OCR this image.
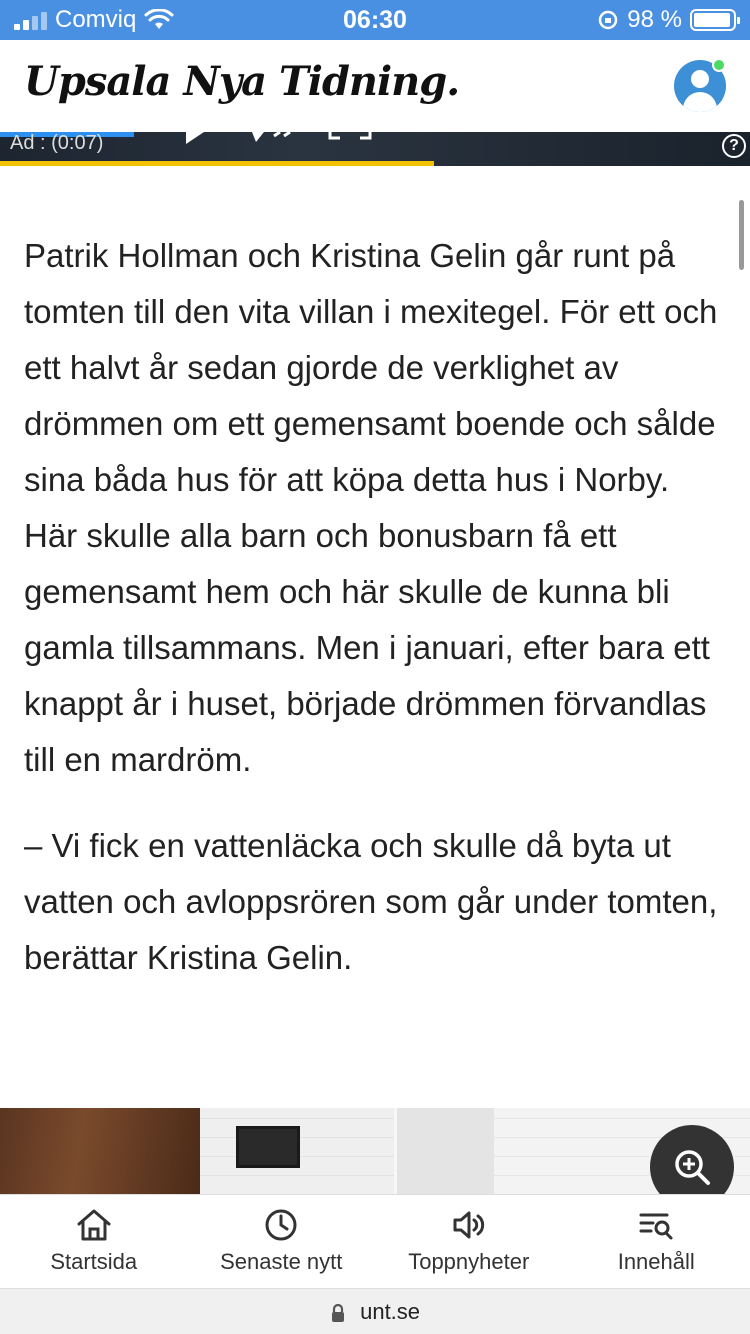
Comviq	06:30	98 %
Upsala Nya Tidning.
Ad : (0:07)	?

Patrik Hollman och Kristina Gelin går runt på tomten till den vita villan i mexitegel. För ett och ett halvt år sedan gjorde de verklighet av drömmen om ett gemensamt boende och sålde sina båda hus för att köpa detta hus i Norby. Här skulle alla barn och bonusbarn få ett gemensamt hem och här skulle de kunna bli gamla tillsammans. Men i januari, efter bara ett knappt år i huset, började drömmen förvandlas till en mardröm.

– Vi fick en vattenläcka och skulle då byta ut vatten och avloppsrören som går under tomten, berättar Kristina Gelin.

Startsida	Senaste nytt	Toppnyheter	Innehåll
unt.se
